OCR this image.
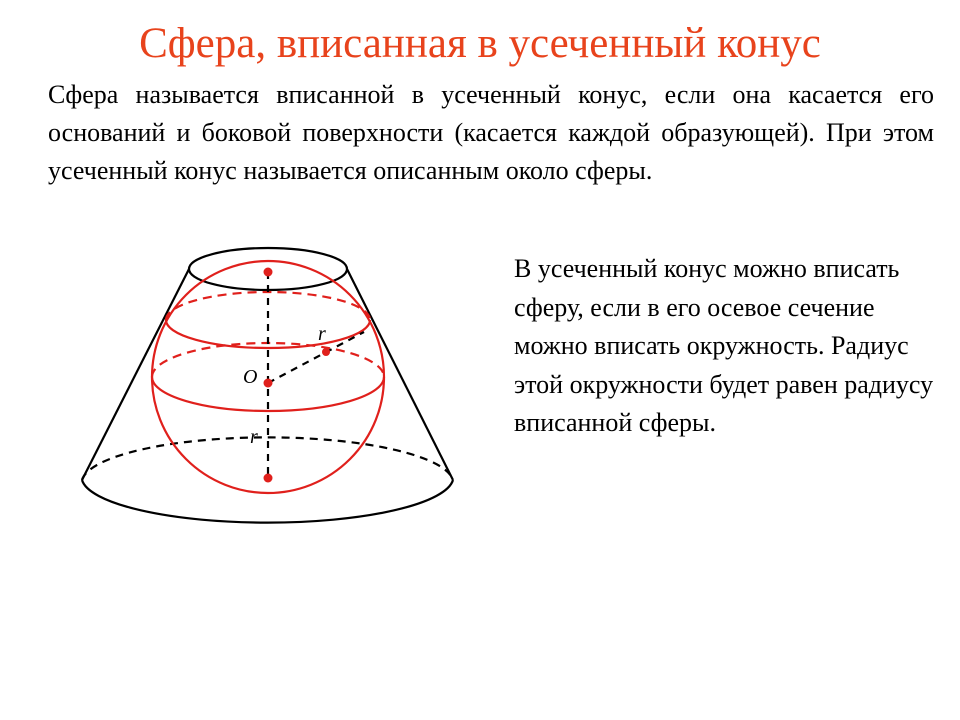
Сфера, вписанная в усеченный конус

Сфера называется вписанной в усеченный конус, если она касается его оснований и боковой поверхности (касается каждой образующей). При этом усеченный конус называется описанным около сферы.

O
r
r

В усеченный конус можно вписать сферу, если в его осевое сечение можно вписать окружность. Радиус этой окружности будет равен радиусу вписанной сферы.
